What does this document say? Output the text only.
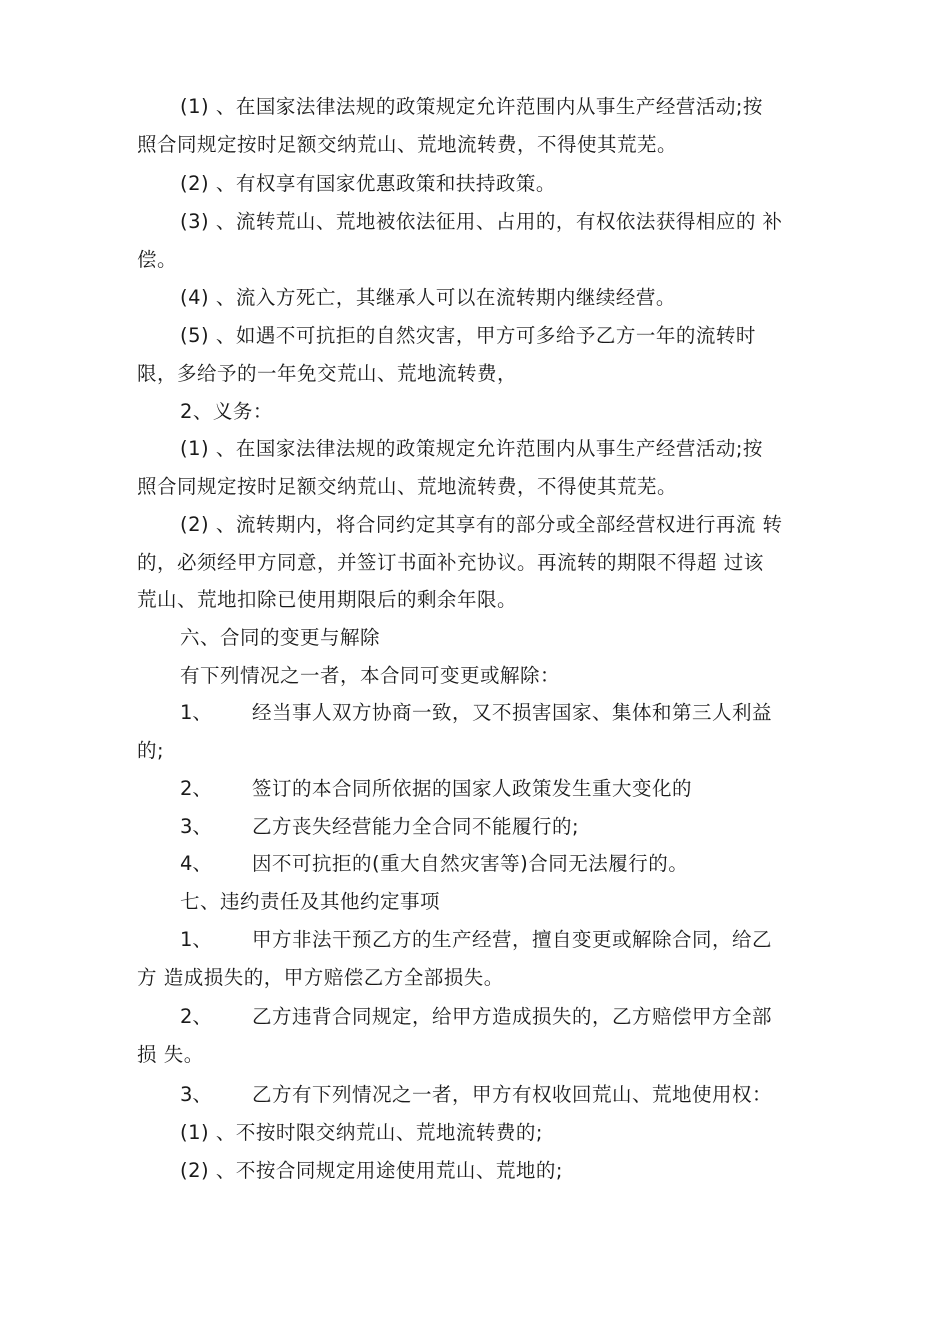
(1) 、在国家法律法规的政策规定允许范围内从事生产经营活动;按
照合同规定按时足额交纳荒山、荒地流转费，不得使其荒芜。
(2) 、有权享有国家优惠政策和扶持政策。
(3) 、流转荒山、荒地被依法征用、占用的，有权依法获得相应的 补
偿。
(4) 、流入方死亡，其继承人可以在流转期内继续经营。
(5) 、如遇不可抗拒的自然灾害，甲方可多给予乙方一年的流转时
限，多给予的一年免交荒山、荒地流转费，
2、义务：
(1) 、在国家法律法规的政策规定允许范围内从事生产经营活动;按
照合同规定按时足额交纳荒山、荒地流转费，不得使其荒芜。
(2) 、流转期内，将合同约定其享有的部分或全部经营权进行再流 转
的，必须经甲方同意，并签订书面补充协议。再流转的期限不得超 过该
荒山、荒地扣除已使用期限后的剩余年限。
六、合同的变更与解除
有下列情况之一者，本合同可变更或解除：
1、 经当事人双方协商一致，又不损害国家、集体和第三人利益
的;
2、 签订的本合同所依据的国家人政策发生重大变化的
3、 乙方丧失经营能力全合同不能履行的;
4、 因不可抗拒的(重大自然灾害等)合同无法履行的。
七、违约责任及其他约定事项
1、 甲方非法干预乙方的生产经营，擅自变更或解除合同，给乙
方 造成损失的，甲方赔偿乙方全部损失。
2、 乙方违背合同规定，给甲方造成损失的，乙方赔偿甲方全部
损 失。
3、 乙方有下列情况之一者，甲方有权收回荒山、荒地使用权：
(1) 、不按时限交纳荒山、荒地流转费的;
(2) 、不按合同规定用途使用荒山、荒地的;
